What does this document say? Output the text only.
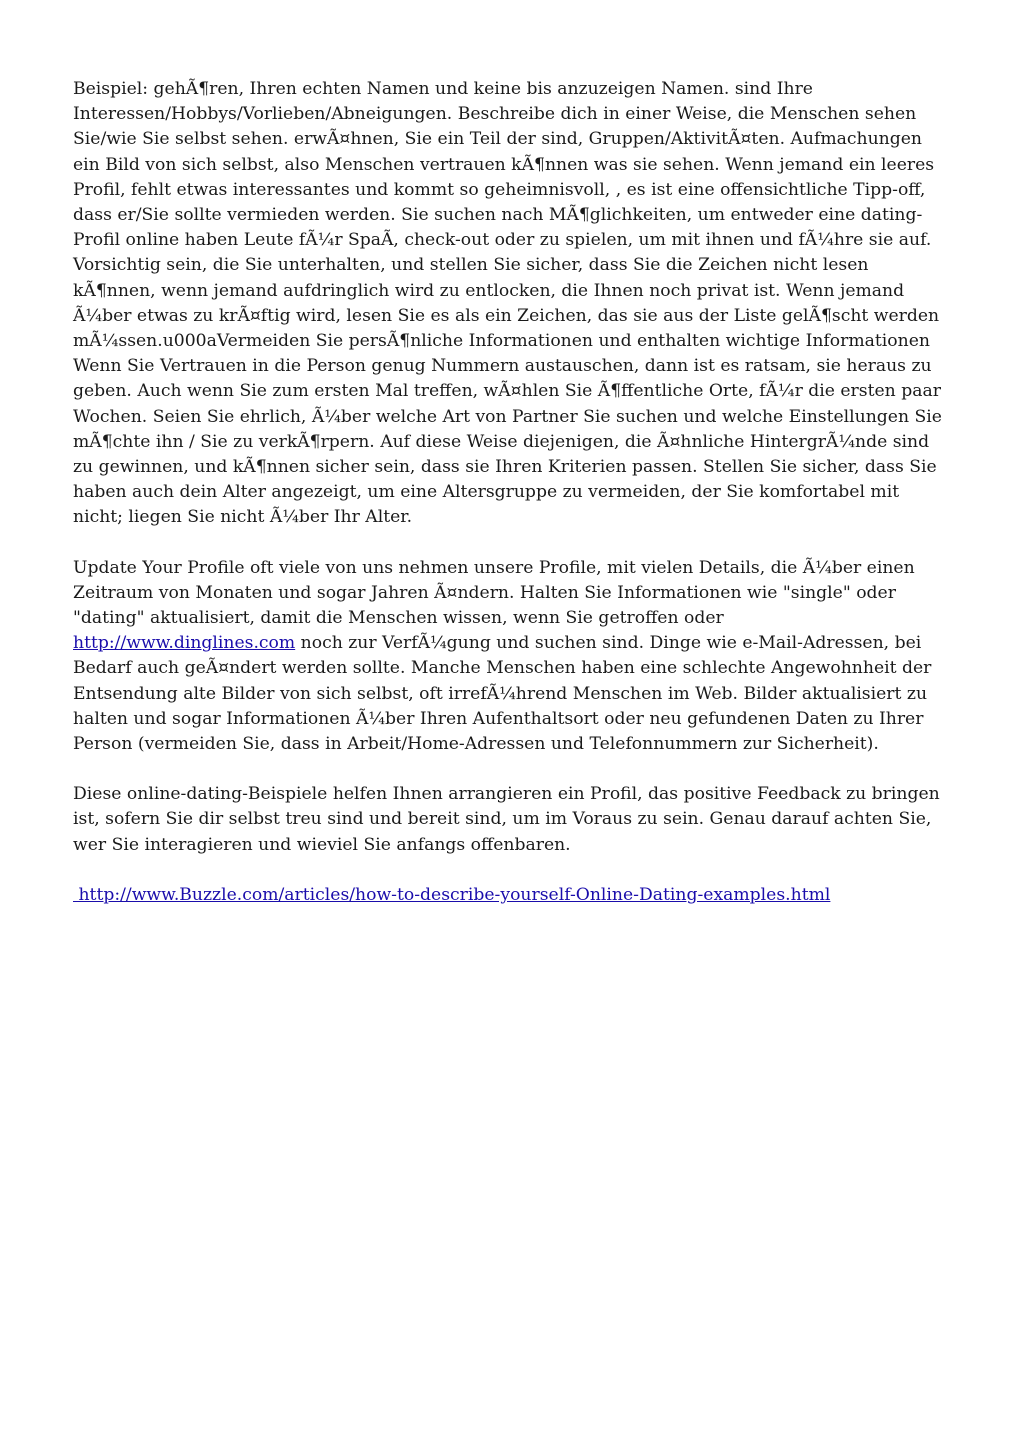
Beispiel: gehÃ¶ren, Ihren echten Namen und keine bis anzuzeigen Namen. sind Ihre Interessen/Hobbys/Vorlieben/Abneigungen. Beschreibe dich in einer Weise, die Menschen sehen Sie/wie Sie selbst sehen. erwÃ¤hnen, Sie ein Teil der sind, Gruppen/AktivitÃ¤ten. Aufmachungen ein Bild von sich selbst, also Menschen vertrauen kÃ¶nnen was sie sehen. Wenn jemand ein leeres Profil, fehlt etwas interessantes und kommt so geheimnisvoll, , es ist eine offensichtliche Tipp-off, dass er/Sie sollte vermieden werden. Sie suchen nach MÃ¶glichkeiten, um entweder eine dating-Profil online haben Leute fÃ¼r SpaÃ, check-out oder zu spielen, um mit ihnen und fÃ¼hre sie auf. Vorsichtig sein, die Sie unterhalten, und stellen Sie sicher, dass Sie die Zeichen nicht lesen kÃ¶nnen, wenn jemand aufdringlich wird zu entlocken, die Ihnen noch privat ist. Wenn jemand Ã¼ber etwas zu krÃ¤ftig wird, lesen Sie es als ein Zeichen, das sie aus der Liste gelÃ¶scht werden mÃ¼ssen.u000aVermeiden Sie persÃ¶nliche Informationen und enthalten wichtige Informationen Wenn Sie Vertrauen in die Person genug Nummern austauschen, dann ist es ratsam, sie heraus zu geben. Auch wenn Sie zum ersten Mal treffen, wÃ¤hlen Sie Ã¶ffentliche Orte, fÃ¼r die ersten paar Wochen. Seien Sie ehrlich, Ã¼ber welche Art von Partner Sie suchen und welche Einstellungen Sie mÃ¶chte ihn / Sie zu verkÃ¶rpern. Auf diese Weise diejenigen, die Ã¤hnliche HintergrÃ¼nde sind zu gewinnen, und kÃ¶nnen sicher sein, dass sie Ihren Kriterien passen. Stellen Sie sicher, dass Sie haben auch dein Alter angezeigt, um eine Altersgruppe zu vermeiden, der Sie komfortabel mit nicht; liegen Sie nicht Ã¼ber Ihr Alter.

Update Your Profile oft viele von uns nehmen unsere Profile, mit vielen Details, die Ã¼ber einen Zeitraum von Monaten und sogar Jahren Ã¤ndern. Halten Sie Informationen wie "single" oder "dating" aktualisiert, damit die Menschen wissen, wenn Sie getroffen oder http://www.dinglines.com noch zur VerfÃ¼gung und suchen sind. Dinge wie e-Mail-Adressen, bei Bedarf auch geÃ¤ndert werden sollte. Manche Menschen haben eine schlechte Angewohnheit der Entsendung alte Bilder von sich selbst, oft irrefÃ¼hrend Menschen im Web. Bilder aktualisiert zu halten und sogar Informationen Ã¼ber Ihren Aufenthaltsort oder neu gefundenen Daten zu Ihrer Person (vermeiden Sie, dass in Arbeit/Home-Adressen und Telefonnummern zur Sicherheit).

Diese online-dating-Beispiele helfen Ihnen arrangieren ein Profil, das positive Feedback zu bringen ist, sofern Sie dir selbst treu sind und bereit sind, um im Voraus zu sein. Genau darauf achten Sie, wer Sie interagieren und wieviel Sie anfangs offenbaren.

http://www.Buzzle.com/articles/how-to-describe-yourself-Online-Dating-examples.html
